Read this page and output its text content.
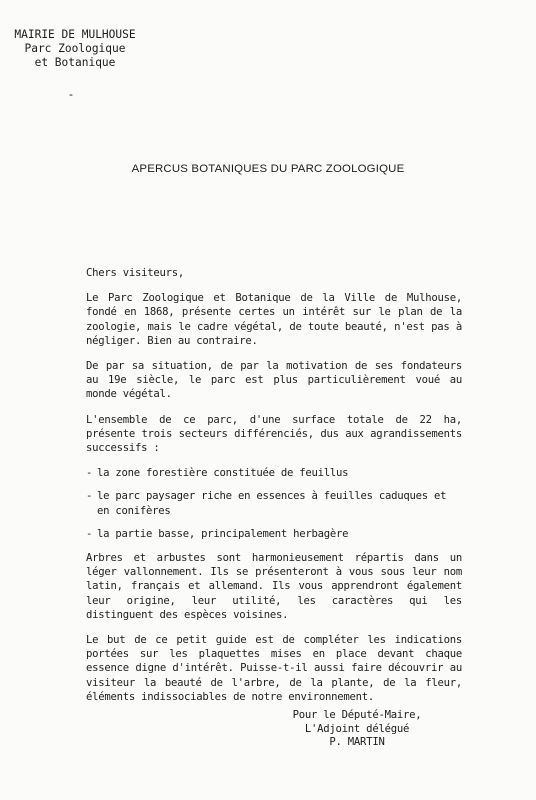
MAIRIE DE MULHOUSE
Parc Zoologique
et Botanique
-
APERCUS BOTANIQUES DU PARC ZOOLOGIQUE

Chers visiteurs,

Le Parc Zoologique et Botanique de la Ville de Mulhouse, fondé en 1868, présente certes un intérêt sur le plan de la zoologie, mais le cadre végétal, de toute beauté, n'est pas à négliger. Bien au contraire.

De par sa situation, de par la motivation de ses fondateurs au 19e siècle, le parc est plus particulièrement voué au monde végétal.

L'ensemble de ce parc, d'une surface totale de 22 ha, présente trois secteurs différenciés, dus aux agrandissements successifs :

- la zone forestière constituée de feuillus
- le parc paysager riche en essences à feuilles caduques et en conifères
- la partie basse, principalement herbagère

Arbres et arbustes sont harmonieusement répartis dans un léger vallonnement. Ils se présenteront à vous sous leur nom latin, français et allemand. Ils vous apprendront également leur origine, leur utilité, les caractères qui les distinguent des espèces voisines.

Le but de ce petit guide est de compléter les indications portées sur les plaquettes mises en place devant chaque essence digne d'intérêt. Puisse-t-il aussi faire découvrir au visiteur la beauté de l'arbre, de la plante, de la fleur, éléments indissociables de notre environnement.

Pour le Député-Maire,
L'Adjoint délégué
P. MARTIN
